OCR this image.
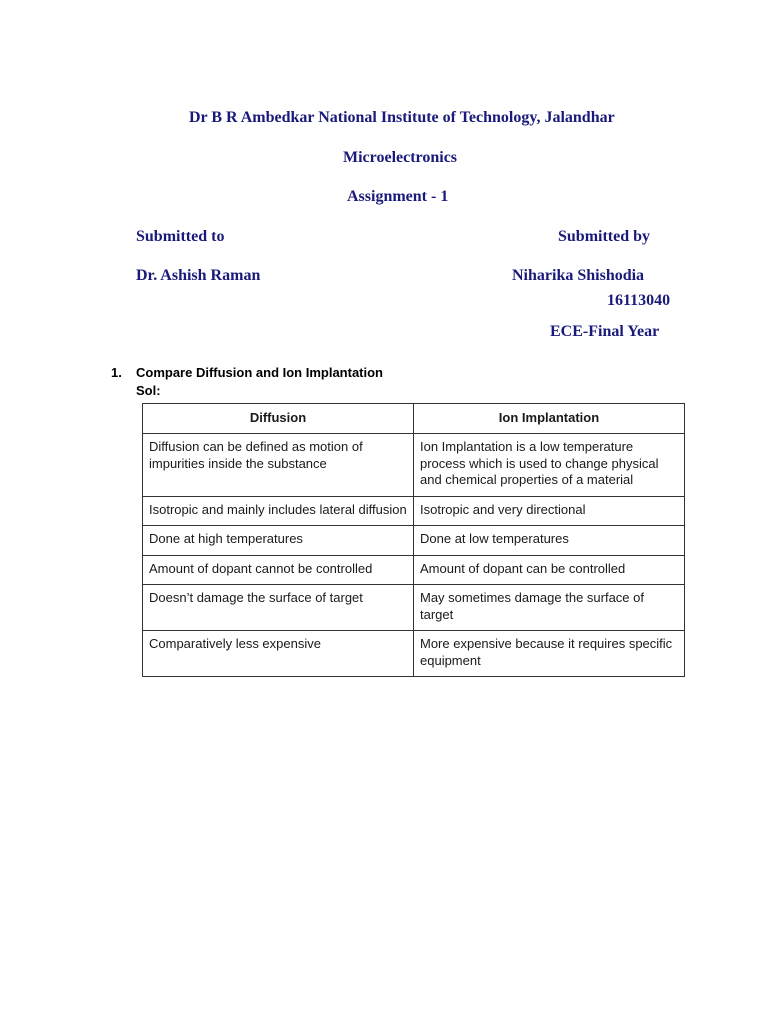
Dr B R Ambedkar National Institute of Technology, Jalandhar
Microelectronics
Assignment - 1
Submitted to	Submitted by
Dr. Ashish Raman	Niharika Shishodia
16113040
ECE-Final Year
1. Compare Diffusion and Ion Implantation
Sol:
Diffusion	Ion Implantation
Diffusion can be defined as motion of impurities inside the substance	Ion Implantation is a low temperature process which is used to change physical and chemical properties of a material
Isotropic and mainly includes lateral diffusion	Isotropic and very directional
Done at high temperatures	Done at low temperatures
Amount of dopant cannot be controlled	Amount of dopant can be controlled
Doesn’t damage the surface of target	May sometimes damage the surface of target
Comparatively less expensive	More expensive because it requires specific equipment
